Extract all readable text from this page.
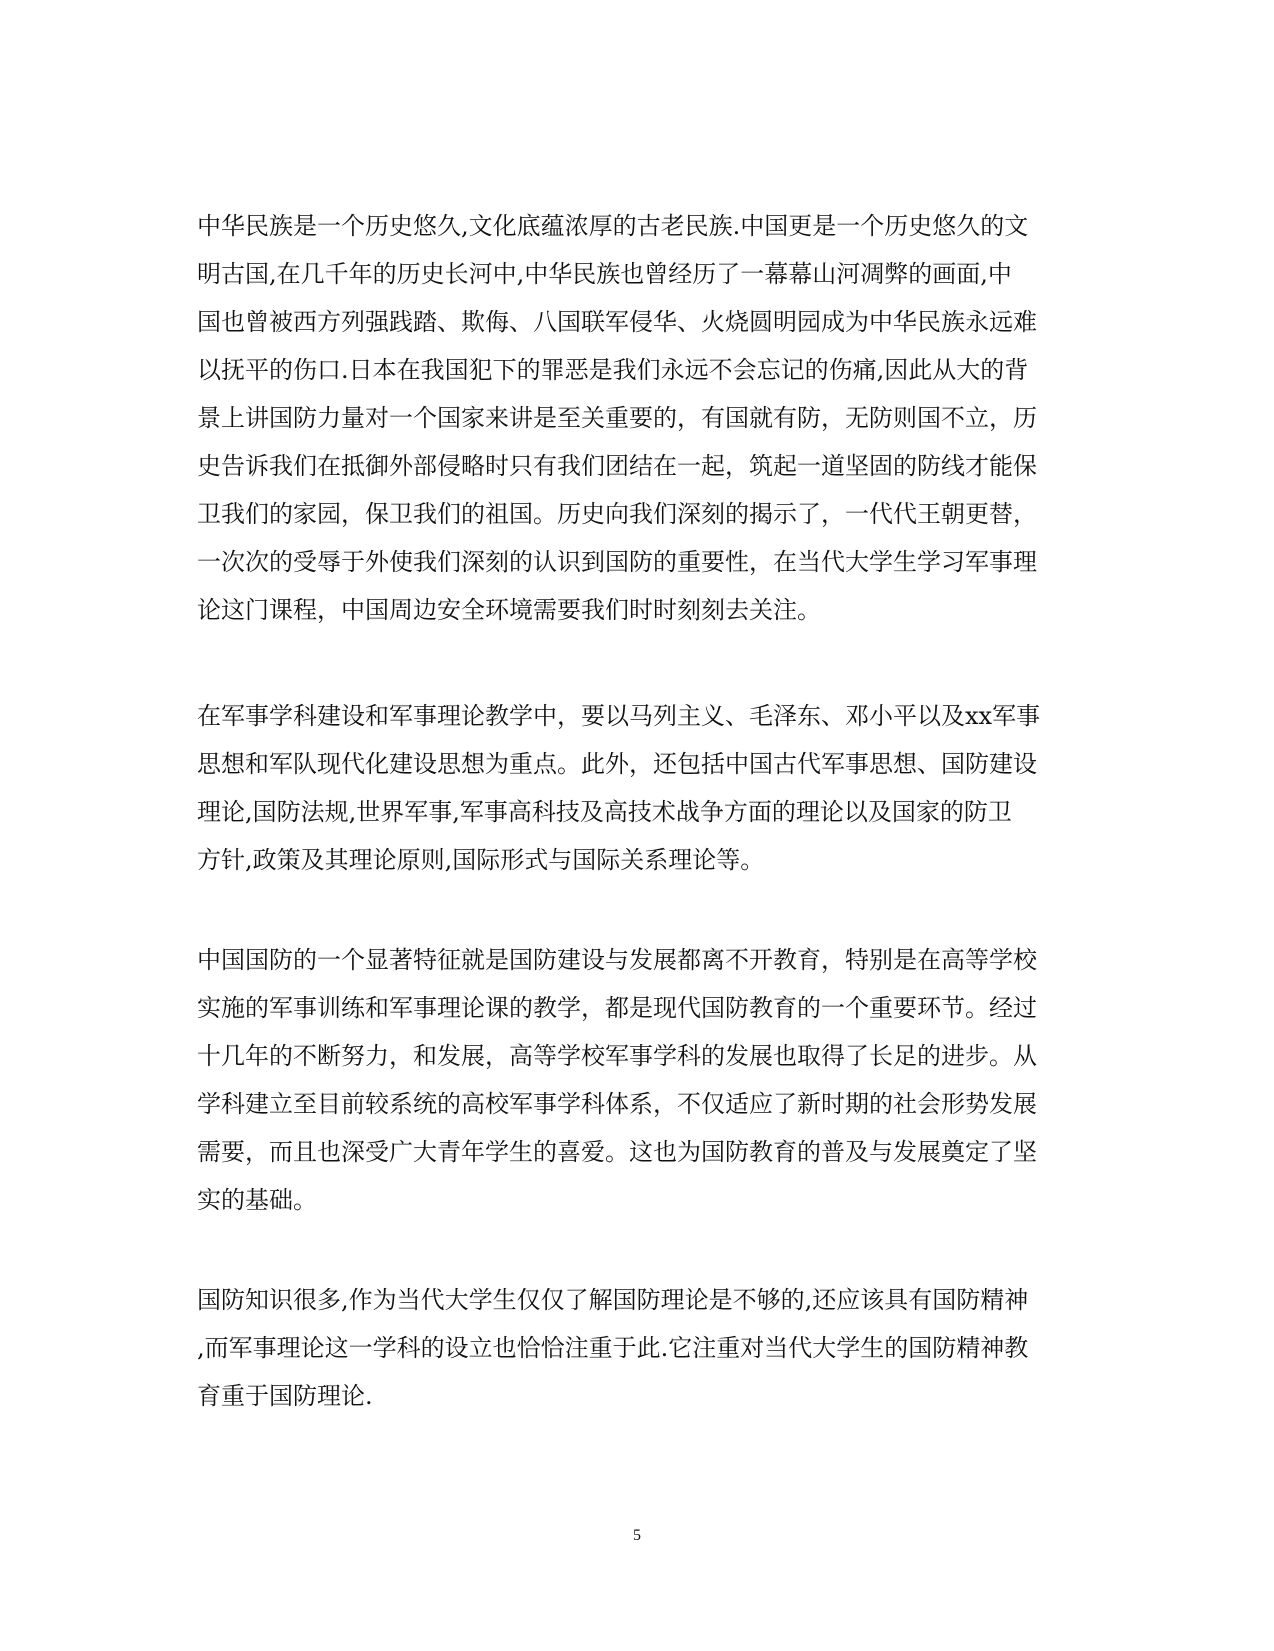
中华民族是一个历史悠久,文化底蕴浓厚的古老民族.中国更是一个历史悠久的文
明古国,在几千年的历史长河中,中华民族也曾经历了一幕幕山河凋弊的画面,中
国也曾被西方列强践踏、欺侮、八国联军侵华、火烧圆明园成为中华民族永远难
以抚平的伤口.日本在我国犯下的罪恶是我们永远不会忘记的伤痛,因此从大的背
景上讲国防力量对一个国家来讲是至关重要的，有国就有防，无防则国不立，历
史告诉我们在抵御外部侵略时只有我们团结在一起，筑起一道坚固的防线才能保
卫我们的家园，保卫我们的祖国。历史向我们深刻的揭示了，一代代王朝更替，
一次次的受辱于外使我们深刻的认识到国防的重要性，在当代大学生学习军事理
论这门课程，中国周边安全环境需要我们时时刻刻去关注。
在军事学科建设和军事理论教学中，要以马列主义、毛泽东、邓小平以及xx军事
思想和军队现代化建设思想为重点。此外，还包括中国古代军事思想、国防建设
理论,国防法规,世界军事,军事高科技及高技术战争方面的理论以及国家的防卫
方针,政策及其理论原则,国际形式与国际关系理论等。
中国国防的一个显著特征就是国防建设与发展都离不开教育，特别是在高等学校
实施的军事训练和军事理论课的教学，都是现代国防教育的一个重要环节。经过
十几年的不断努力，和发展，高等学校军事学科的发展也取得了长足的进步。从
学科建立至目前较系统的高校军事学科体系，不仅适应了新时期的社会形势发展
需要，而且也深受广大青年学生的喜爱。这也为国防教育的普及与发展奠定了坚
实的基础。
国防知识很多,作为当代大学生仅仅了解国防理论是不够的,还应该具有国防精神
,而军事理论这一学科的设立也恰恰注重于此.它注重对当代大学生的国防精神教
育重于国防理论.
5
